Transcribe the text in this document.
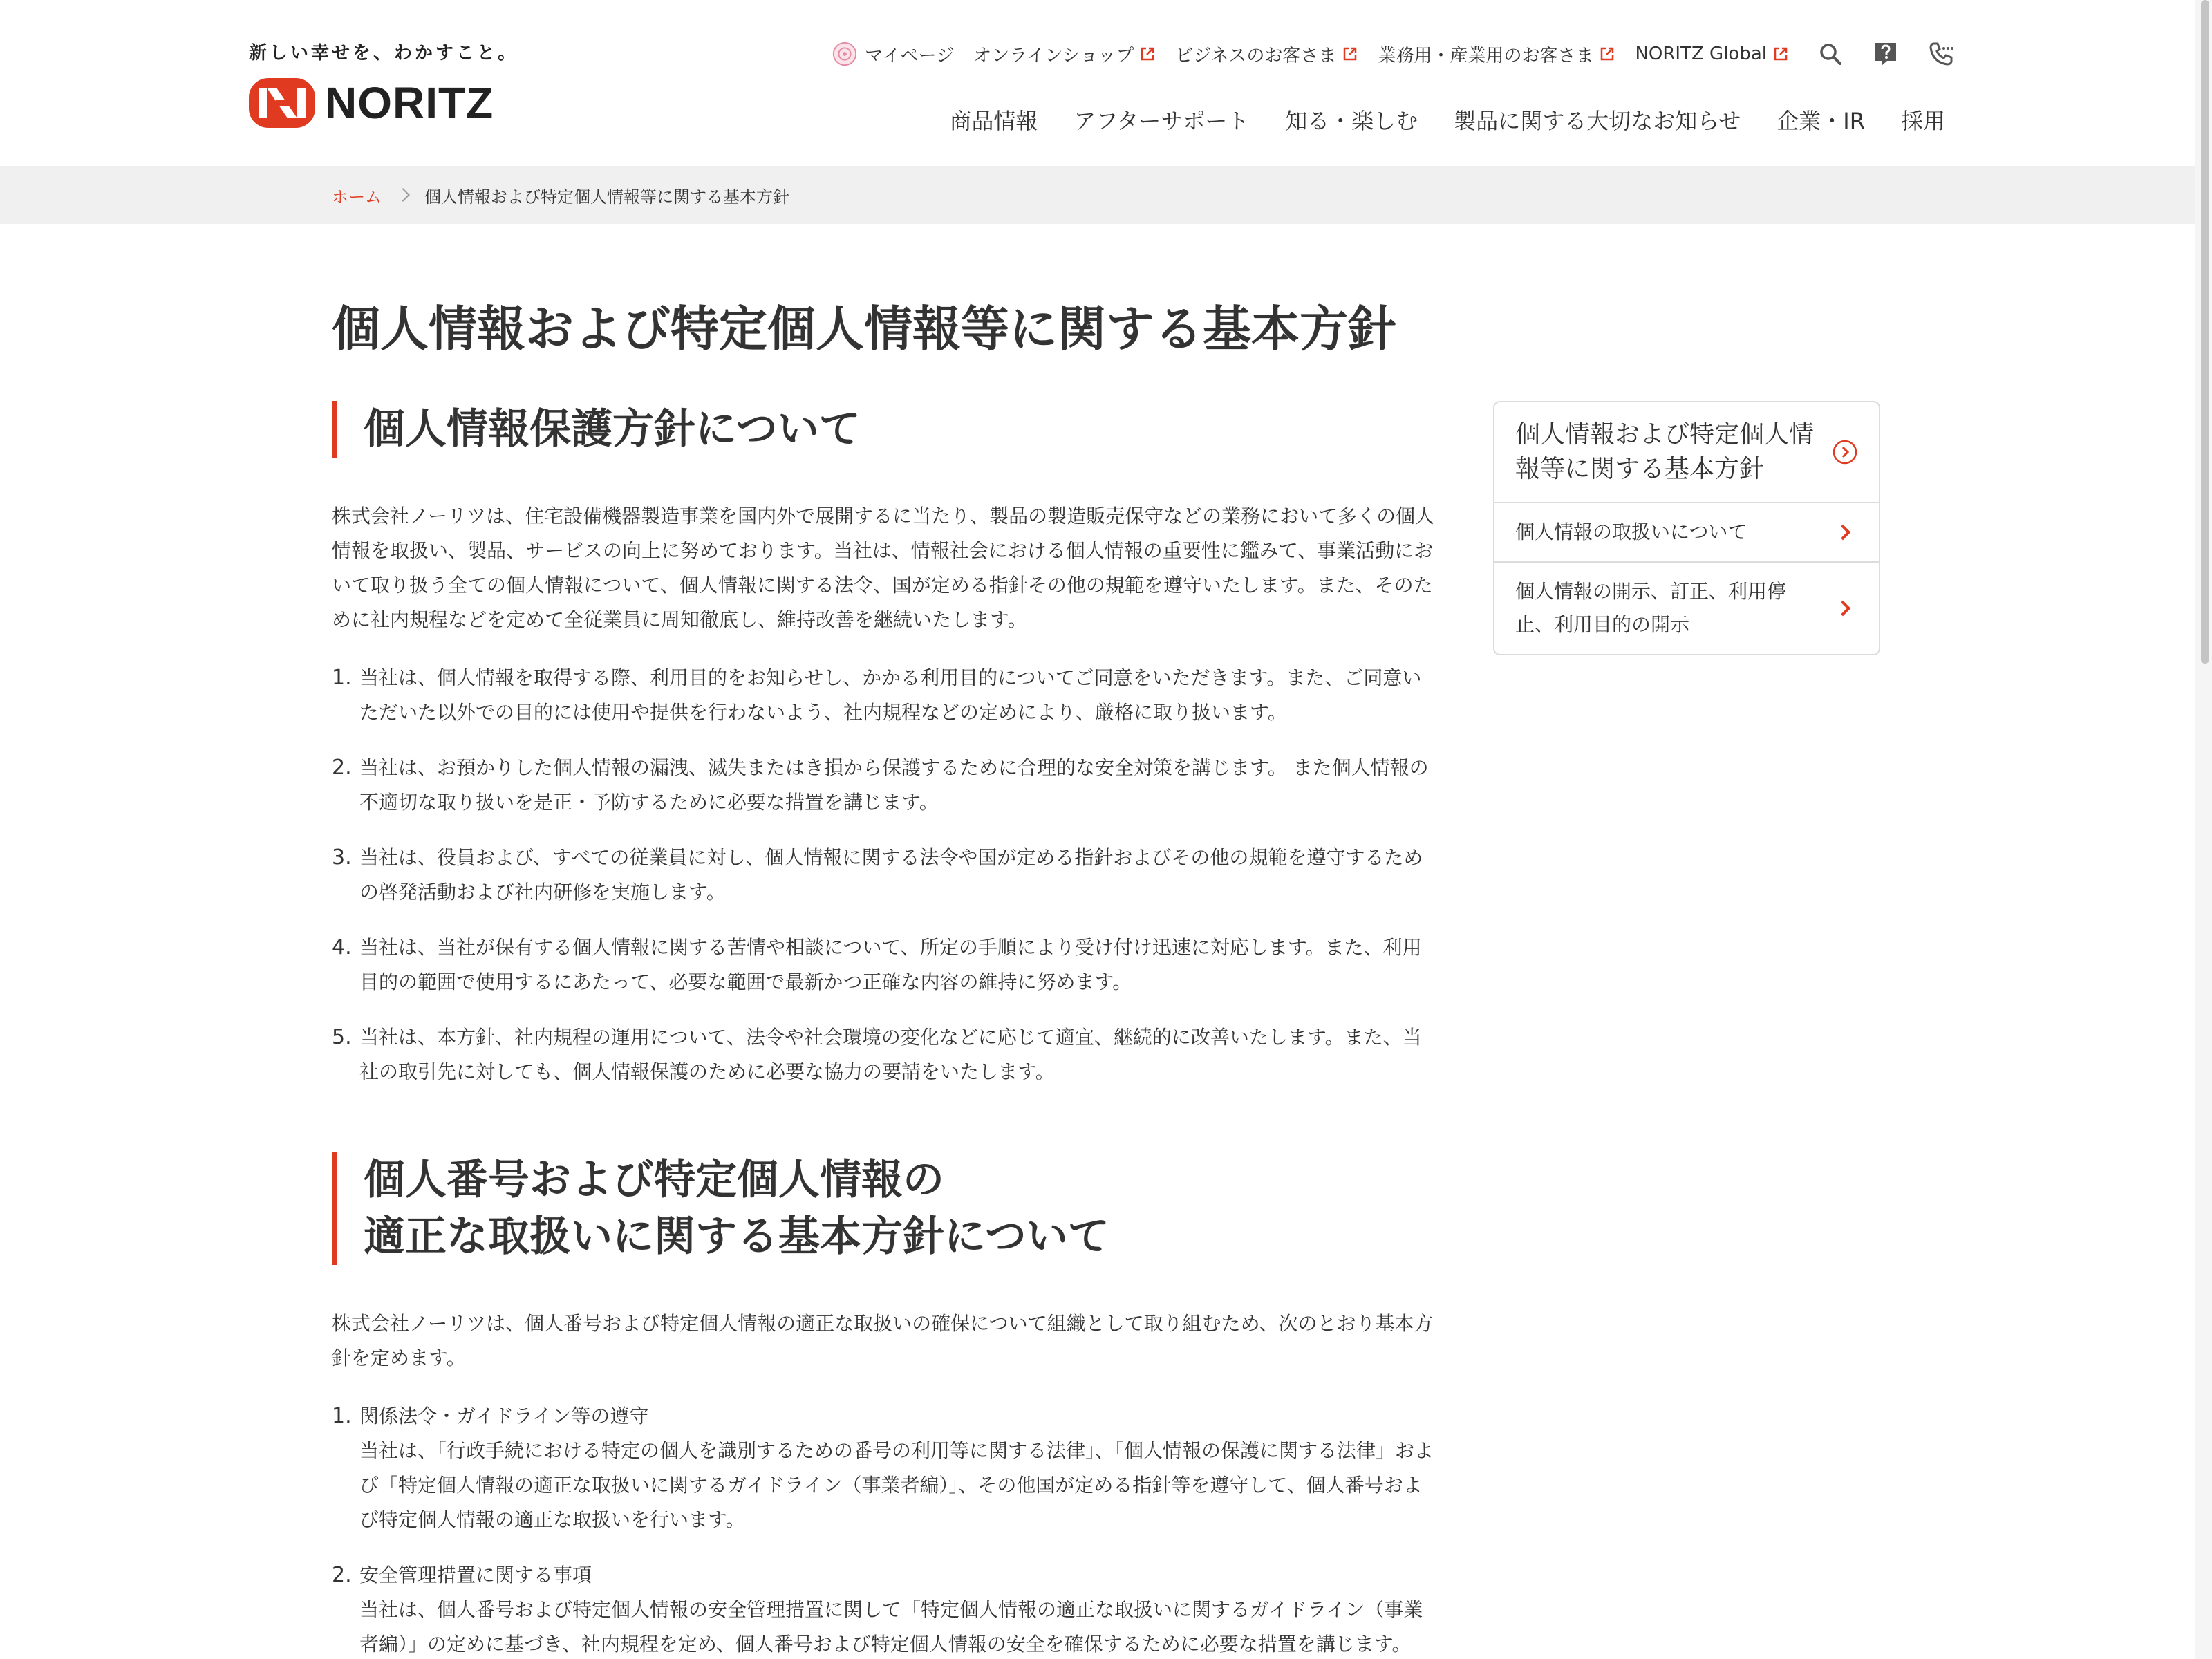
新しい幸せを、わかすこと。
NORITZ
マイページ オンラインショップ ビジネスのお客さま 業務用・産業用のお客さま NORITZ Global
商品情報 アフターサポート 知る・楽しむ 製品に関する大切なお知らせ 企業・IR 採用
ホーム	個人情報および特定個人情報等に関する基本方針
個人情報および特定個人情報等に関する基本方針
個人情報保護方針について

株式会社ノーリツは、住宅設備機器製造事業を国内外で展開するに当たり、製品の製造販売保守などの業務において多くの個人情報を取扱い、製品、サービスの向上に努めております。当社は、情報社会における個人情報の重要性に鑑みて、事業活動において取り扱う全ての個人情報について、個人情報に関する法令、国が定める指針その他の規範を遵守いたします。また、そのために社内規程などを定めて全従業員に周知徹底し、維持改善を継続いたします。

1. 当社は、個人情報を取得する際、利用目的をお知らせし、かかる利用目的についてご同意をいただきます。また、ご同意いただいた以外での目的には使用や提供を行わないよう、社内規程などの定めにより、厳格に取り扱います。
2. 当社は、お預かりした個人情報の漏洩、滅失またはき損から保護するために合理的な安全対策を講じます。 また個人情報の不適切な取り扱いを是正・予防するために必要な措置を講じます。
3. 当社は、役員および、すべての従業員に対し、個人情報に関する法令や国が定める指針およびその他の規範を遵守するための啓発活動および社内研修を実施します。
4. 当社は、当社が保有する個人情報に関する苦情や相談について、所定の手順により受け付け迅速に対応します。また、利用目的の範囲で使用するにあたって、必要な範囲で最新かつ正確な内容の維持に努めます。
5. 当社は、本方針、社内規程の運用について、法令や社会環境の変化などに応じて適宜、継続的に改善いたします。また、当社の取引先に対しても、個人情報保護のために必要な協力の要請をいたします。
個人番号および特定個人情報の
適正な取扱いに関する基本方針について

株式会社ノーリツは、個人番号および特定個人情報の適正な取扱いの確保について組織として取り組むため、次のとおり基本方針を定めます。

1. 関係法令・ガイドライン等の遵守
当社は、「行政手続における特定の個人を識別するための番号の利用等に関する法律」、「個人情報の保護に関する法律」および「特定個人情報の適正な取扱いに関するガイドライン（事業者編）」、その他国が定める指針等を遵守して、個人番号および特定個人情報の適正な取扱いを行います。
2. 安全管理措置に関する事項
当社は、個人番号および特定個人情報の安全管理措置に関して「特定個人情報の適正な取扱いに関するガイドライン（事業者編）」の定めに基づき、社内規程を定め、個人番号および特定個人情報の安全を確保するために必要な措置を講じます。
個人情報および特定個人情報等に関する基本方針
個人情報の取扱いについて
個人情報の開示、訂正、利用停止、利用目的の開示
